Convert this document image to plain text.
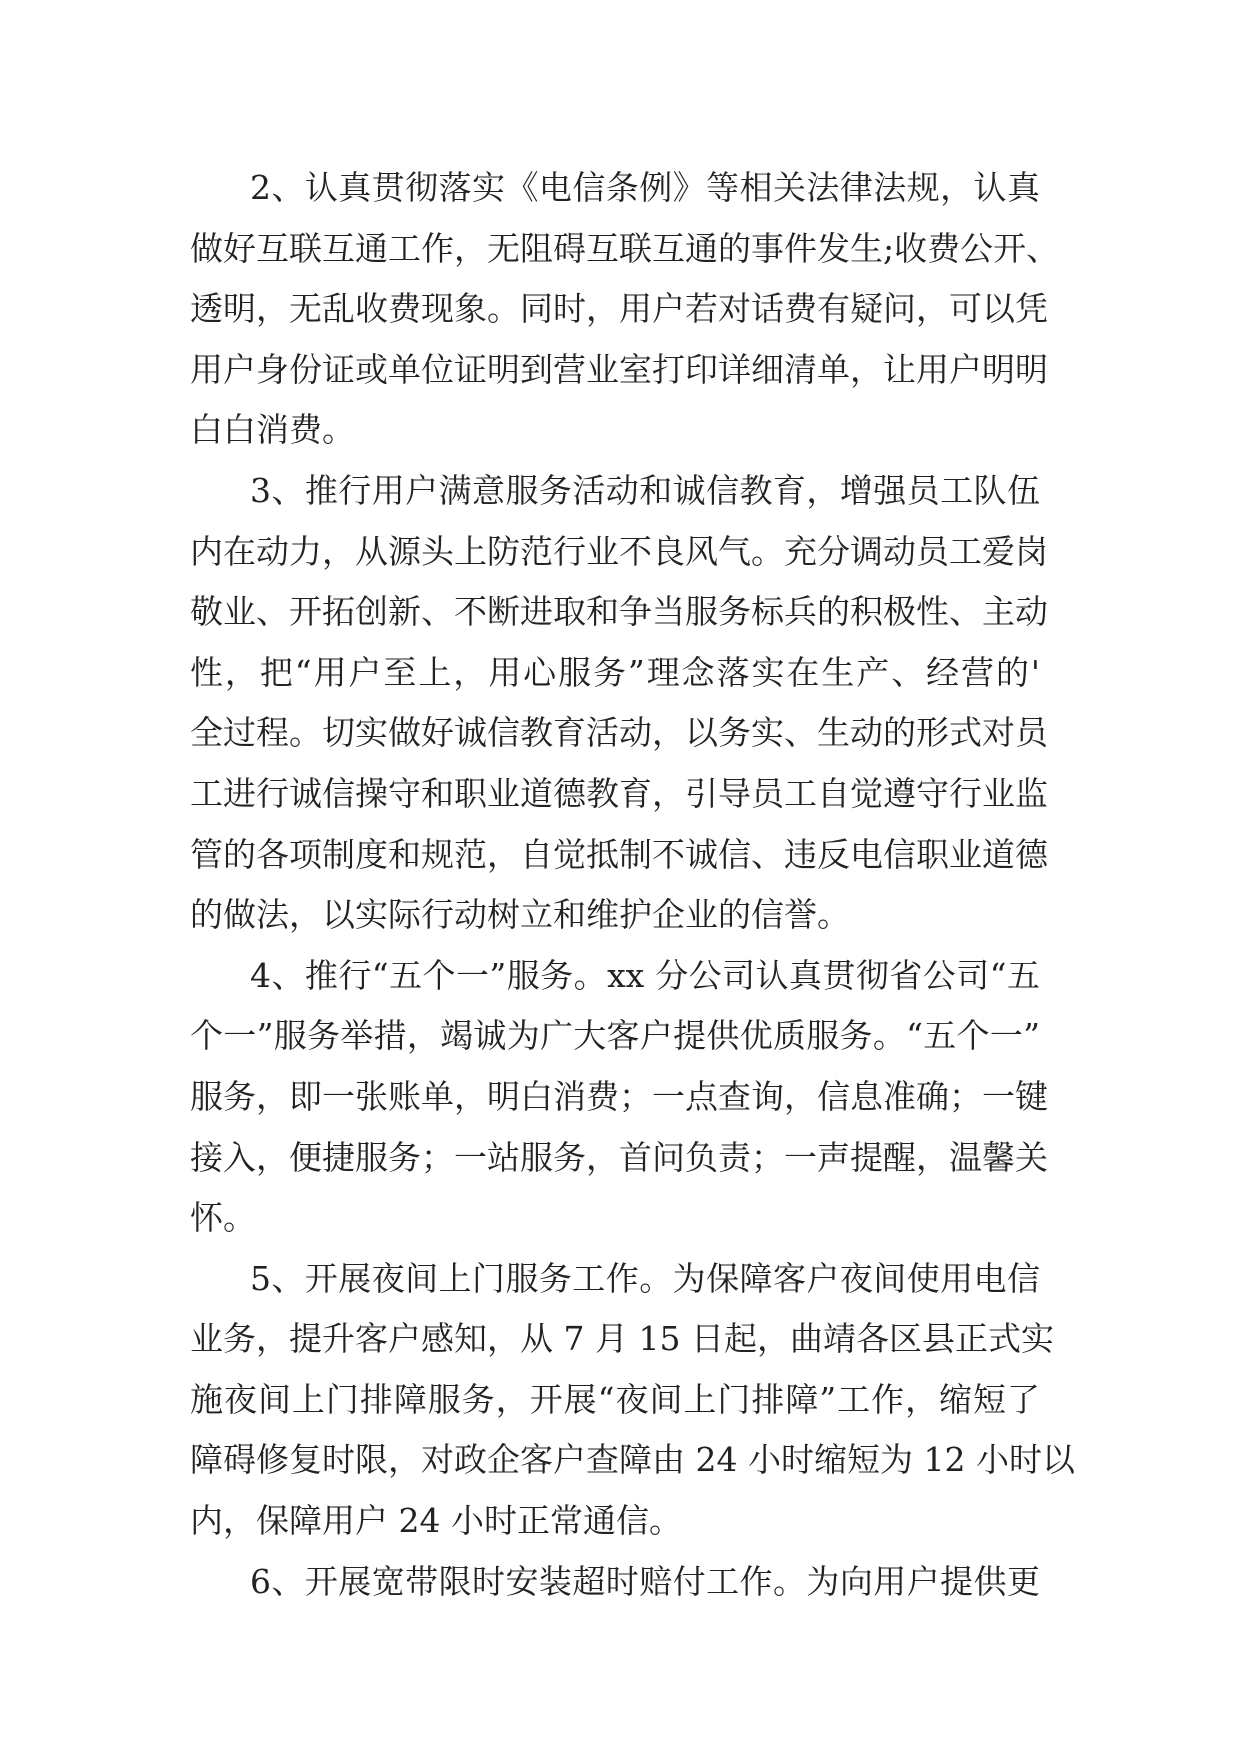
2、认真贯彻落实《电信条例》等相关法律法规，认真
做好互联互通工作，无阻碍互联互通的事件发生;收费公开、
透明，无乱收费现象。同时，用户若对话费有疑问，可以凭
用户身份证或单位证明到营业室打印详细清单，让用户明明
白白消费。
3、推行用户满意服务活动和诚信教育，增强员工队伍
内在动力，从源头上防范行业不良风气。充分调动员工爱岗
敬业、开拓创新、不断进取和争当服务标兵的积极性、主动
性，把“用户至上，用心服务”理念落实在生产、经营的'
全过程。切实做好诚信教育活动，以务实、生动的形式对员
工进行诚信操守和职业道德教育，引导员工自觉遵守行业监
管的各项制度和规范，自觉抵制不诚信、违反电信职业道德
的做法，以实际行动树立和维护企业的信誉。
4、推行“五个一”服务。xx 分公司认真贯彻省公司“五
个一”服务举措，竭诚为广大客户提供优质服务。“五个一”
服务，即一张账单，明白消费；一点查询，信息准确；一键
接入，便捷服务；一站服务，首问负责；一声提醒，温馨关
怀。
5、开展夜间上门服务工作。为保障客户夜间使用电信
业务，提升客户感知，从 7 月 15 日起，曲靖各区县正式实
施夜间上门排障服务，开展“夜间上门排障”工作，缩短了
障碍修复时限，对政企客户查障由 24 小时缩短为 12 小时以
内，保障用户 24 小时正常通信。
6、开展宽带限时安装超时赔付工作。为向用户提供更
